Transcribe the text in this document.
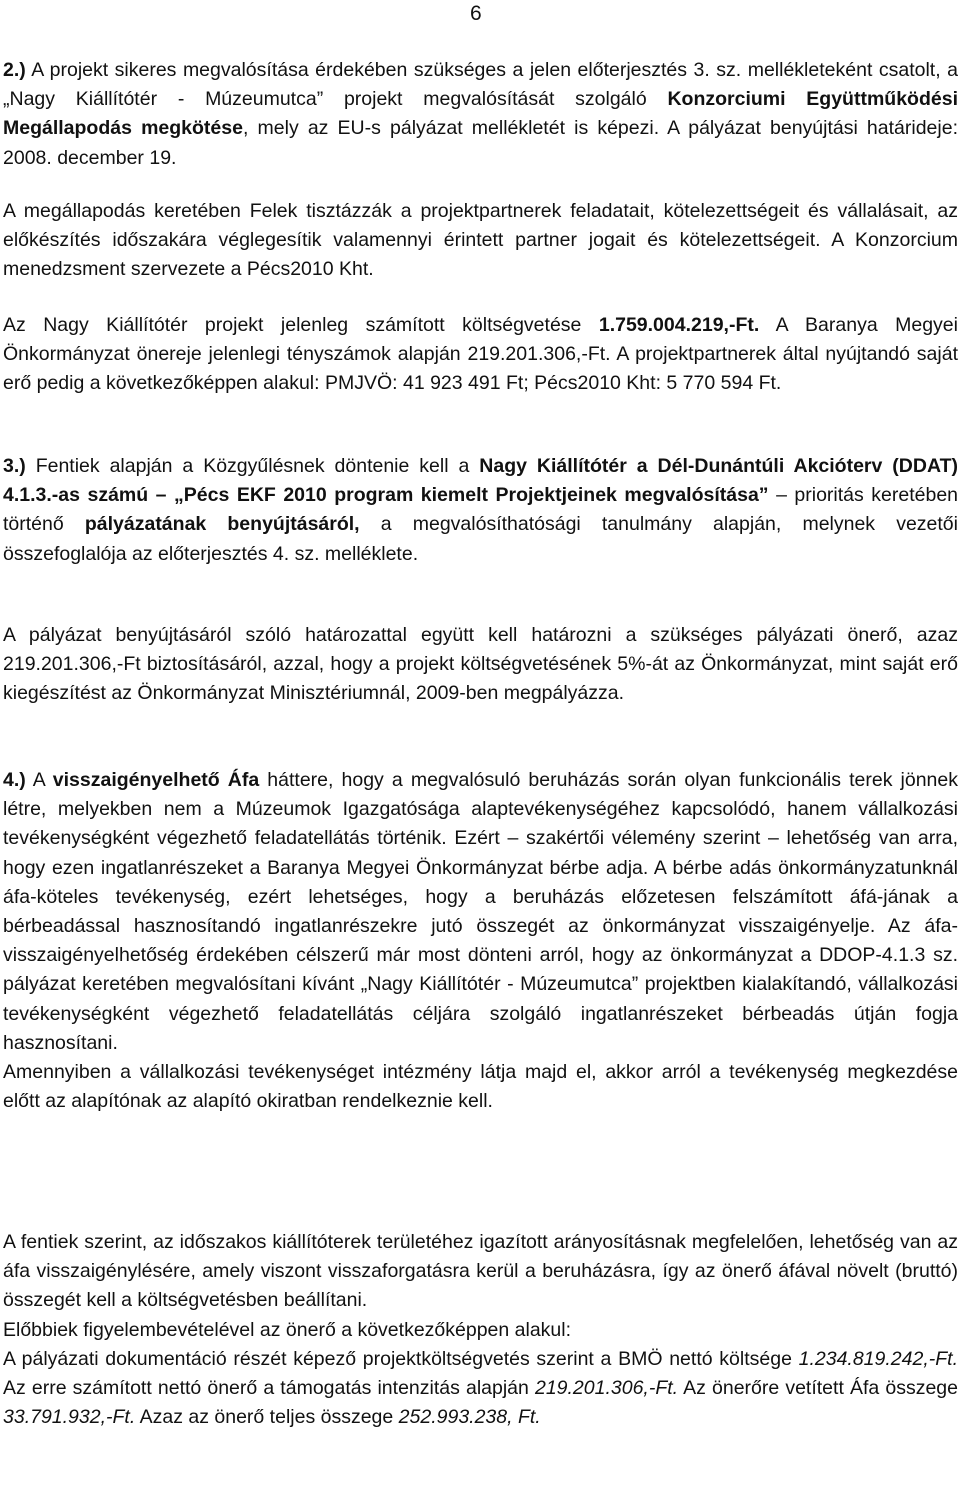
6

2.) A projekt sikeres megvalósítása érdekében szükséges a jelen előterjesztés 3. sz. mellékleteként csatolt, a „Nagy Kiállítótér - Múzeumutca” projekt megvalósítását szolgáló Konzorciumi Együttműködési Megállapodás megkötése, mely az EU-s pályázat mellékletét is képezi. A pályázat benyújtási határideje: 2008. december 19.

A megállapodás keretében Felek tisztázzák a projektpartnerek feladatait, kötelezettségeit és vállalásait, az előkészítés időszakára véglegesítik valamennyi érintett partner jogait és kötelezettségeit. A Konzorcium menedzsment szervezete a Pécs2010 Kht.

Az Nagy Kiállítótér projekt jelenleg számított költségvetése 1.759.004.219,-Ft. A Baranya Megyei Önkormányzat önereje jelenlegi tényszámok alapján 219.201.306,-Ft. A projektpartnerek által nyújtandó saját erő pedig a következőképpen alakul: PMJVÖ: 41 923 491 Ft; Pécs2010 Kht: 5 770 594 Ft.

3.) Fentiek alapján a Közgyűlésnek döntenie kell a Nagy Kiállítótér a Dél-Dunántúli Akcióterv (DDAT) 4.1.3.-as számú – „Pécs EKF 2010 program kiemelt Projektjeinek megvalósítása” – prioritás keretében történő pályázatának benyújtásáról, a megvalósíthatósági tanulmány alapján, melynek vezetői összefoglalója az előterjesztés 4. sz. melléklete.

A pályázat benyújtásáról szóló határozattal együtt kell határozni a szükséges pályázati önerő, azaz 219.201.306,-Ft biztosításáról, azzal, hogy a projekt költségvetésének 5%-át az Önkormányzat, mint saját erő kiegészítést az Önkormányzat Minisztériumnál, 2009-ben megpályázza.

4.) A visszaigényelhető Áfa háttere, hogy a megvalósuló beruházás során olyan funkcionális terek jönnek létre, melyekben nem a Múzeumok Igazgatósága alaptevékenységéhez kapcsolódó, hanem vállalkozási tevékenységként végezhető feladatellátás történik. Ezért – szakértői vélemény szerint – lehetőség van arra, hogy ezen ingatlanrészeket a Baranya Megyei Önkormányzat bérbe adja. A bérbe adás önkormányzatunknál áfa-köteles tevékenység, ezért lehetséges, hogy a beruházás előzetesen felszámított áfá-jának a bérbeadással hasznosítandó ingatlanrészekre jutó összegét az önkormányzat visszaigényelje. Az áfa- visszaigényelhetőség érdekében célszerű már most dönteni arról, hogy az önkormányzat a DDOP-4.1.3 sz. pályázat keretében megvalósítani kívánt „Nagy Kiállítótér - Múzeumutca” projektben kialakítandó, vállalkozási tevékenységként végezhető feladatellátás céljára szolgáló ingatlanrészeket bérbeadás útján fogja hasznosítani.

Amennyiben a vállalkozási tevékenységet intézmény látja majd el, akkor arról a tevékenység megkezdése előtt az alapítónak az alapító okiratban rendelkeznie kell.

A fentiek szerint, az időszakos kiállítóterek területéhez igazított arányosításnak megfelelően, lehetőség van az áfa visszaigénylésére, amely viszont visszaforgatásra kerül a beruházásra, így az önerő áfával növelt (bruttó) összegét kell a költségvetésben beállítani.

Előbbiek figyelembevételével az önerő a következőképpen alakul:

A pályázati dokumentáció részét képező projektköltségvetés szerint a BMÖ nettó költsége 1.234.819.242,-Ft. Az erre számított nettó önerő a támogatás intenzitás alapján 219.201.306,-Ft. Az önerőre vetített Áfa összege 33.791.932,-Ft. Azaz az önerő teljes összege 252.993.238, Ft.
